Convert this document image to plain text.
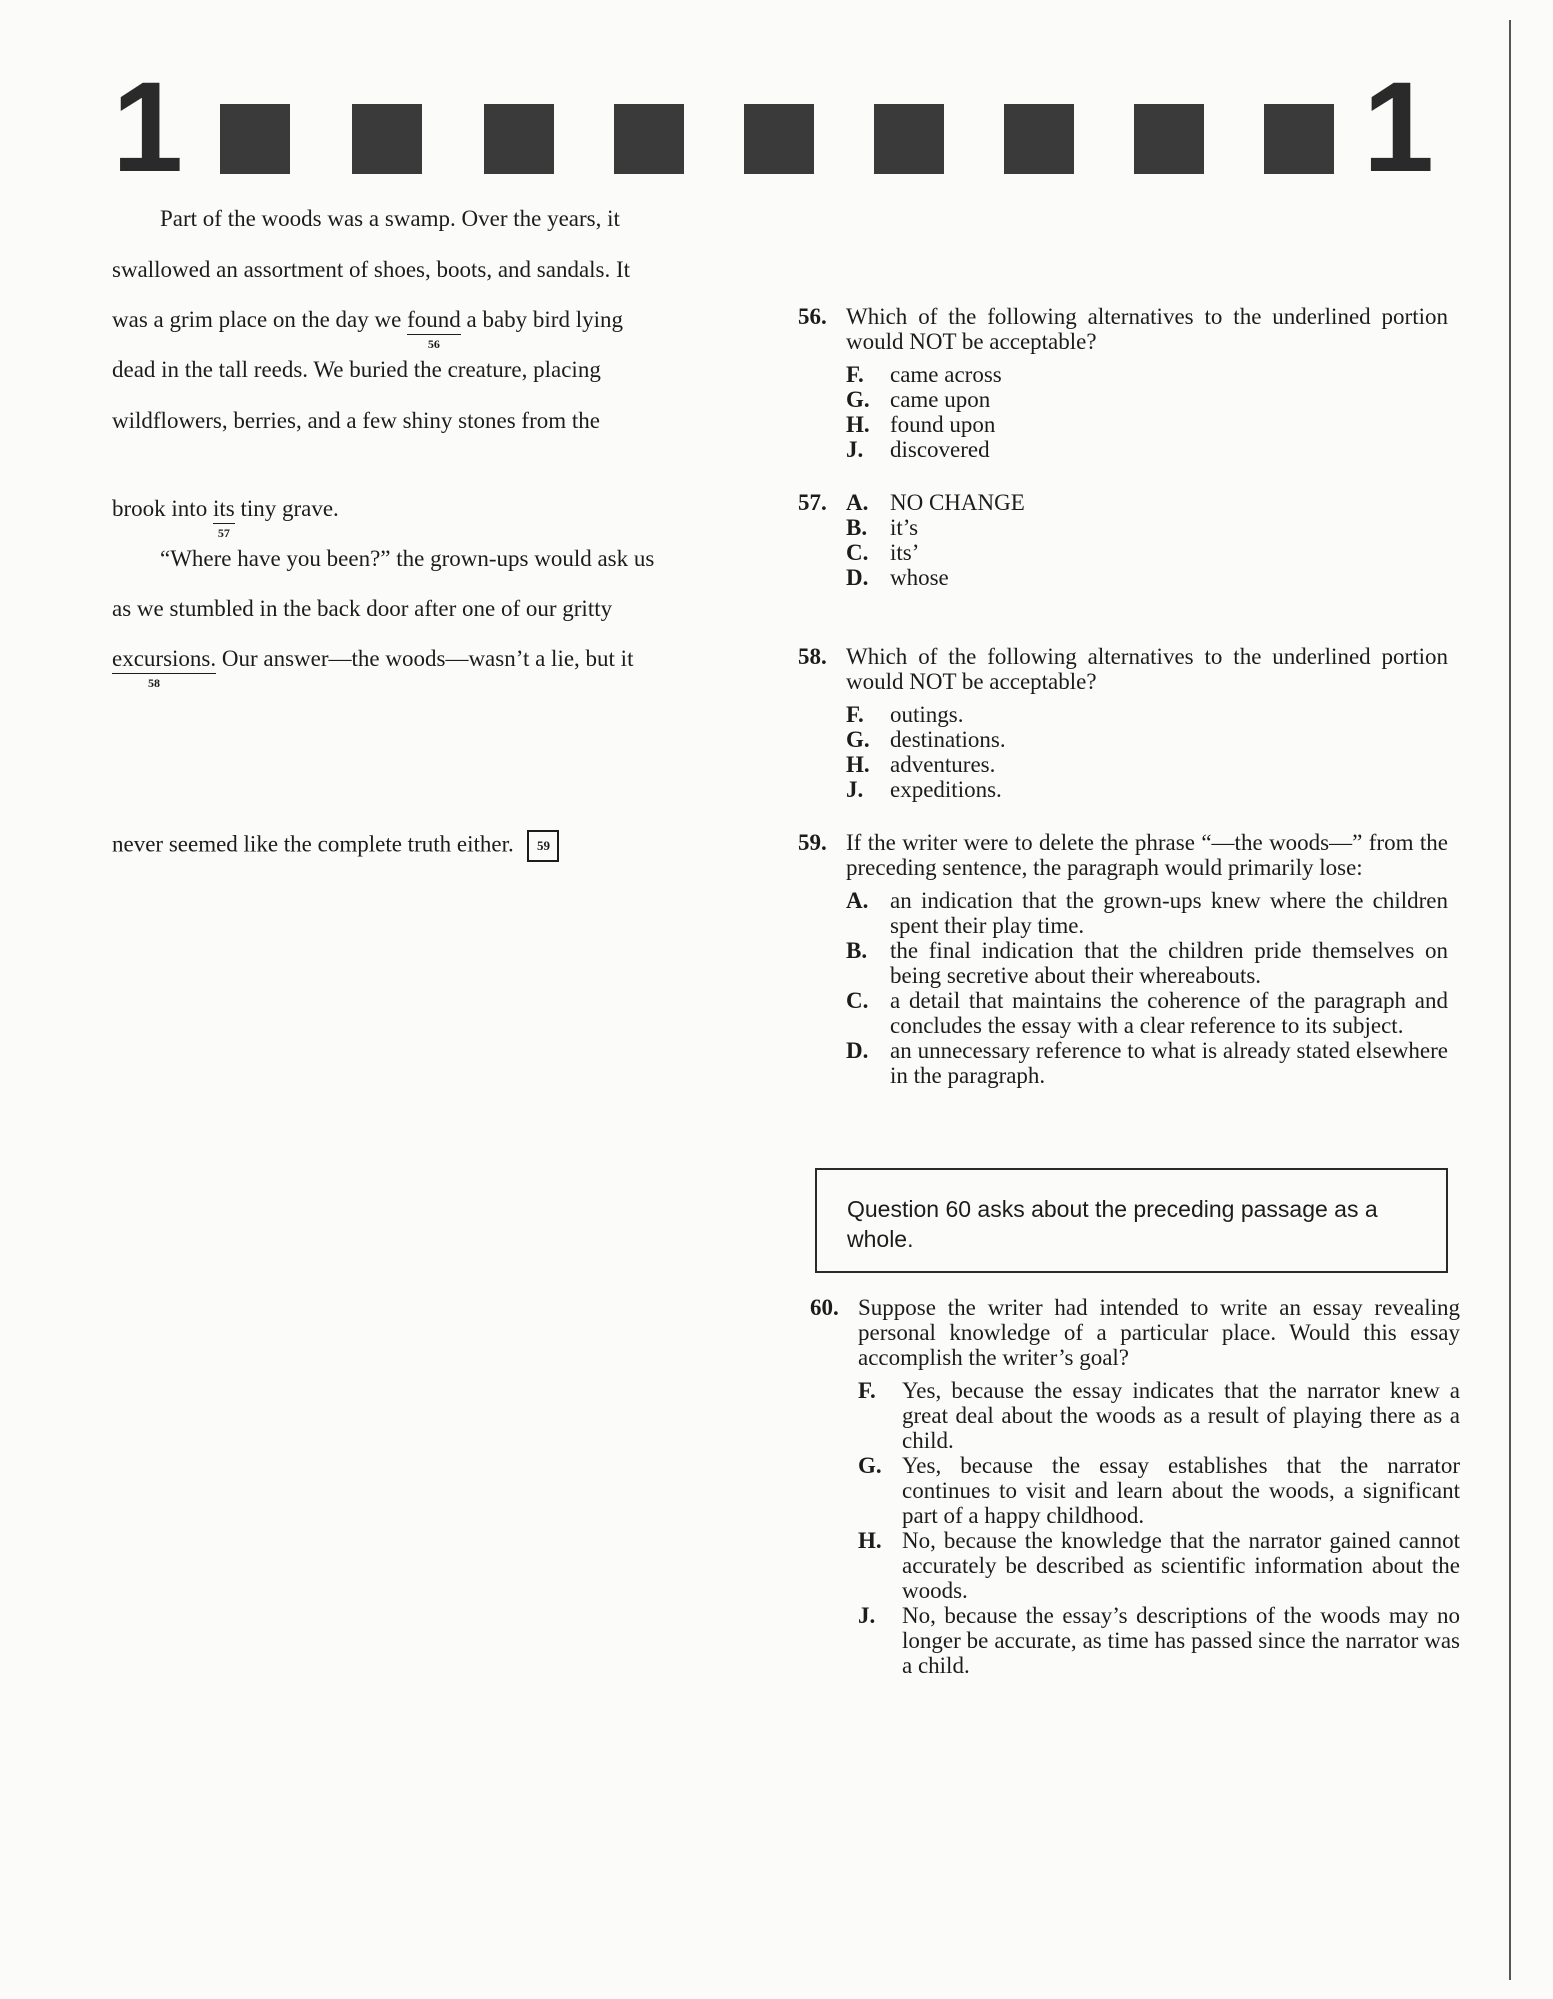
1	1
Part of the woods was a swamp. Over the years, it
swallowed an assortment of shoes, boots, and sandals. It
was a grim place on the day we found
56
a baby bird lying
dead in the tall reeds. We buried the creature, placing
wildflowers, berries, and a few shiny stones from the
brook into its
57
tiny grave.
“Where have you been?” the grown-ups would ask us
as we stumbled in the back door after one of our gritty
excursions.
58
Our answer—the woods—wasn’t a lie, but it
never seemed like the complete truth either. 59
56. Which of the following alternatives to the underlined portion would NOT be acceptable?
F.	came across
G. came upon
H. found upon
J.	discovered
57. A. NO CHANGE
B. it’s
C. its’
D. whose
58. Which of the following alternatives to the underlined portion would NOT be acceptable?
F.	outings.
G. destinations.
H. adventures.
J.	expeditions.
59. If the writer were to delete the phrase “—the woods—” from the preceding sentence, the paragraph would primarily lose:
A. an indication that the grown-ups knew where the children spent their play time.
B. the final indication that the children pride themselves on being secretive about their whereabouts.
C. a detail that maintains the coherence of the paragraph and concludes the essay with a clear reference to its subject.
D. an unnecessary reference to what is already stated elsewhere in the paragraph.
60. Suppose the writer had intended to write an essay revealing personal knowledge of a particular place. Would this essay accomplish the writer’s goal?
F.	Yes, because the essay indicates that the narrator knew a great deal about the woods as a result of playing there as a child.
G. Yes, because the essay establishes that the narrator continues to visit and learn about the woods, a significant part of a happy childhood.
H. No, because the knowledge that the narrator gained cannot accurately be described as scientific information about the woods.
J.	No, because the essay’s descriptions of the woods may no longer be accurate, as time has passed since the narrator was a child.
Question 60 asks about the preceding passage as a whole.
